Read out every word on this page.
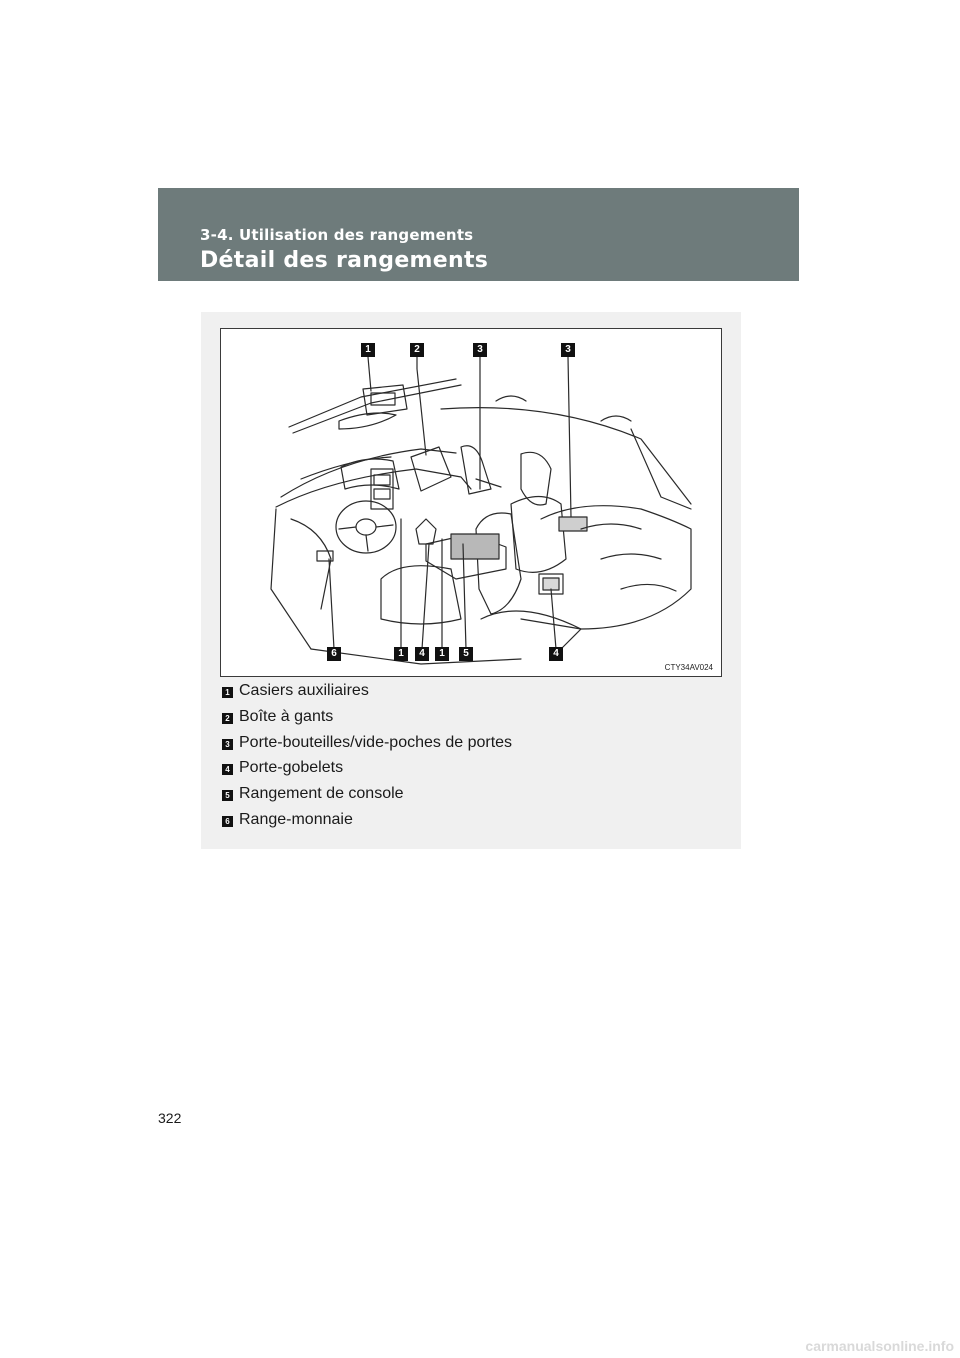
3-4. Utilisation des rangements
Détail des rangements
1	2	3	3
6	1	4	1	5	4
CTY34AV024
1 Casiers auxiliaires
2 Boîte à gants
3 Porte-bouteilles/vide-poches de portes
4 Porte-gobelets
5 Rangement de console
6 Range-monnaie
322
carmanualsonline.info
